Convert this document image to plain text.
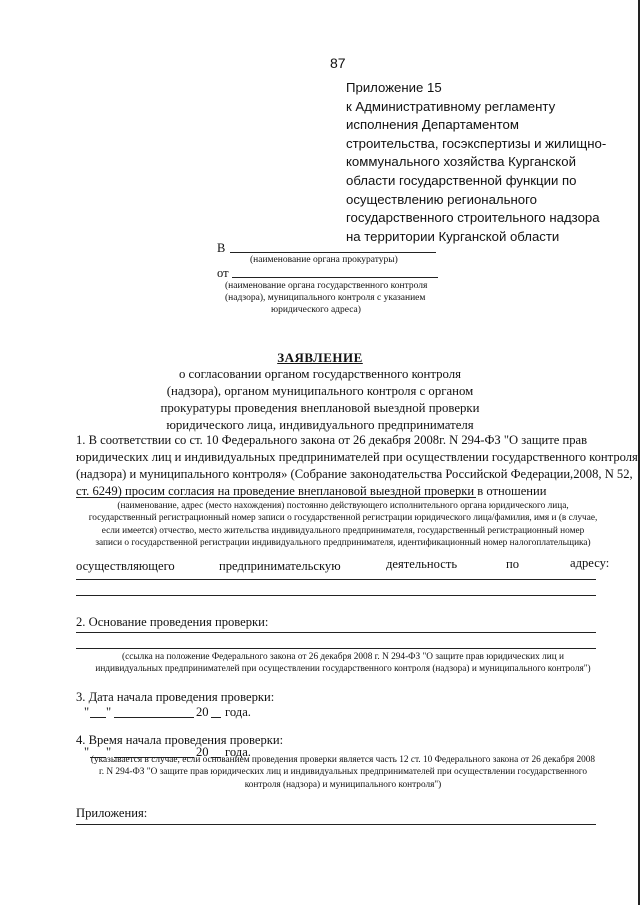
87
Приложение 15
к Административному регламенту
исполнения Департаментом
строительства, госэкспертизы и жилищно-
коммунального хозяйства Курганской
области государственной функции по
осуществлению регионального
государственного строительного надзора
на территории Курганской области
В
(наименование органа прокуратуры)
от
(наименование органа государственного контроля
(надзора), муниципального контроля с указанием
юридического адреса)
ЗАЯВЛЕНИЕ
о согласовании органом государственного контроля
(надзора), органом муниципального контроля с органом
прокуратуры проведения внеплановой выездной проверки
юридического лица, индивидуального предпринимателя
1. В соответствии со ст. 10 Федерального закона от 26 декабря 2008г. N 294-ФЗ "О защите прав
юридических лиц и индивидуальных предпринимателей при осуществлении государственного контроля
(надзора) и муниципального контроля» (Собрание законодательства Российской Федерации,2008, N 52,
ст. 6249) просим согласия на проведение внеплановой выездной проверки в отношении
(наименование, адрес (место нахождения) постоянно действующего исполнительного органа юридического лица,
государственный регистрационный номер записи о государственной регистрации юридического лица/фамилия, имя и (в случае,
если имеется) отчество, место жительства индивидуального предпринимателя, государственный регистрационный номер
записи о государственной регистрации индивидуального предпринимателя, идентификационный номер налогоплательщика)
осуществляющего	предпринимательскую	деятельность	по	адресу:
2. Основание проведения проверки:
(ссылка на положение Федерального закона от 26 декабря 2008 г. N 294-ФЗ "О защите прав юридических лиц и
индивидуальных предпринимателей при осуществлении государственного контроля (надзора) и муниципального контроля")
3. Дата начала проведения проверки:
" "	20 года.
4. Время начала проведения проверки:
" "	20 года.
(указывается в случае, если основанием проведения проверки является часть 12 ст. 10 Федерального закона от 26 декабря 2008
г. N 294-ФЗ "О защите прав юридических лиц и индивидуальных предпринимателей при осуществлении государственного
контроля (надзора) и муниципального контроля")
Приложения:
